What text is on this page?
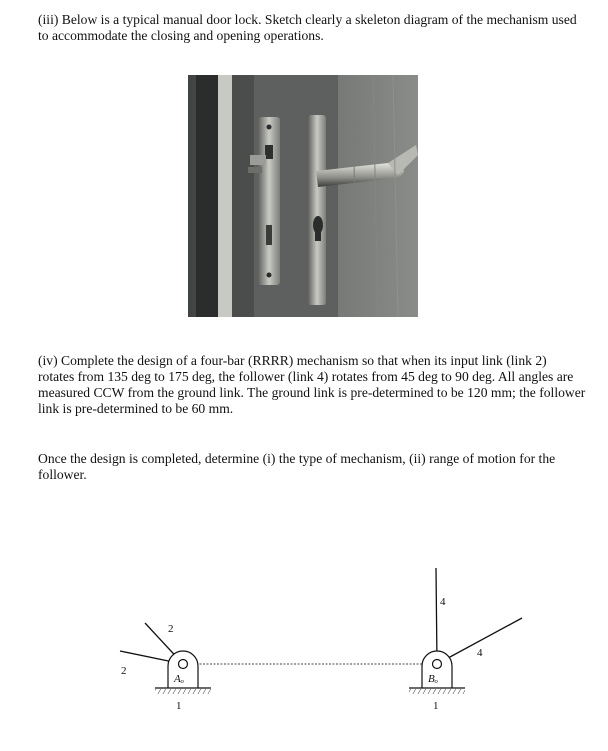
(iii) Below is a typical manual door lock. Sketch clearly a skeleton diagram of the mechanism used to accommodate the closing and opening operations.

(iv) Complete the design of a four-bar (RRRR) mechanism so that when its input link (link 2) rotates from 135 deg to 175 deg, the follower (link 4) rotates from 45 deg to 90 deg. All angles are measured CCW from the ground link. The ground link is pre-determined to be 120 mm; the follower link is pre-determined to be 60 mm.

Once the design is completed, determine (i) the type of mechanism, (ii) range of motion for the follower.

2
2
Aₒ
1
4
4
Bₒ
1
